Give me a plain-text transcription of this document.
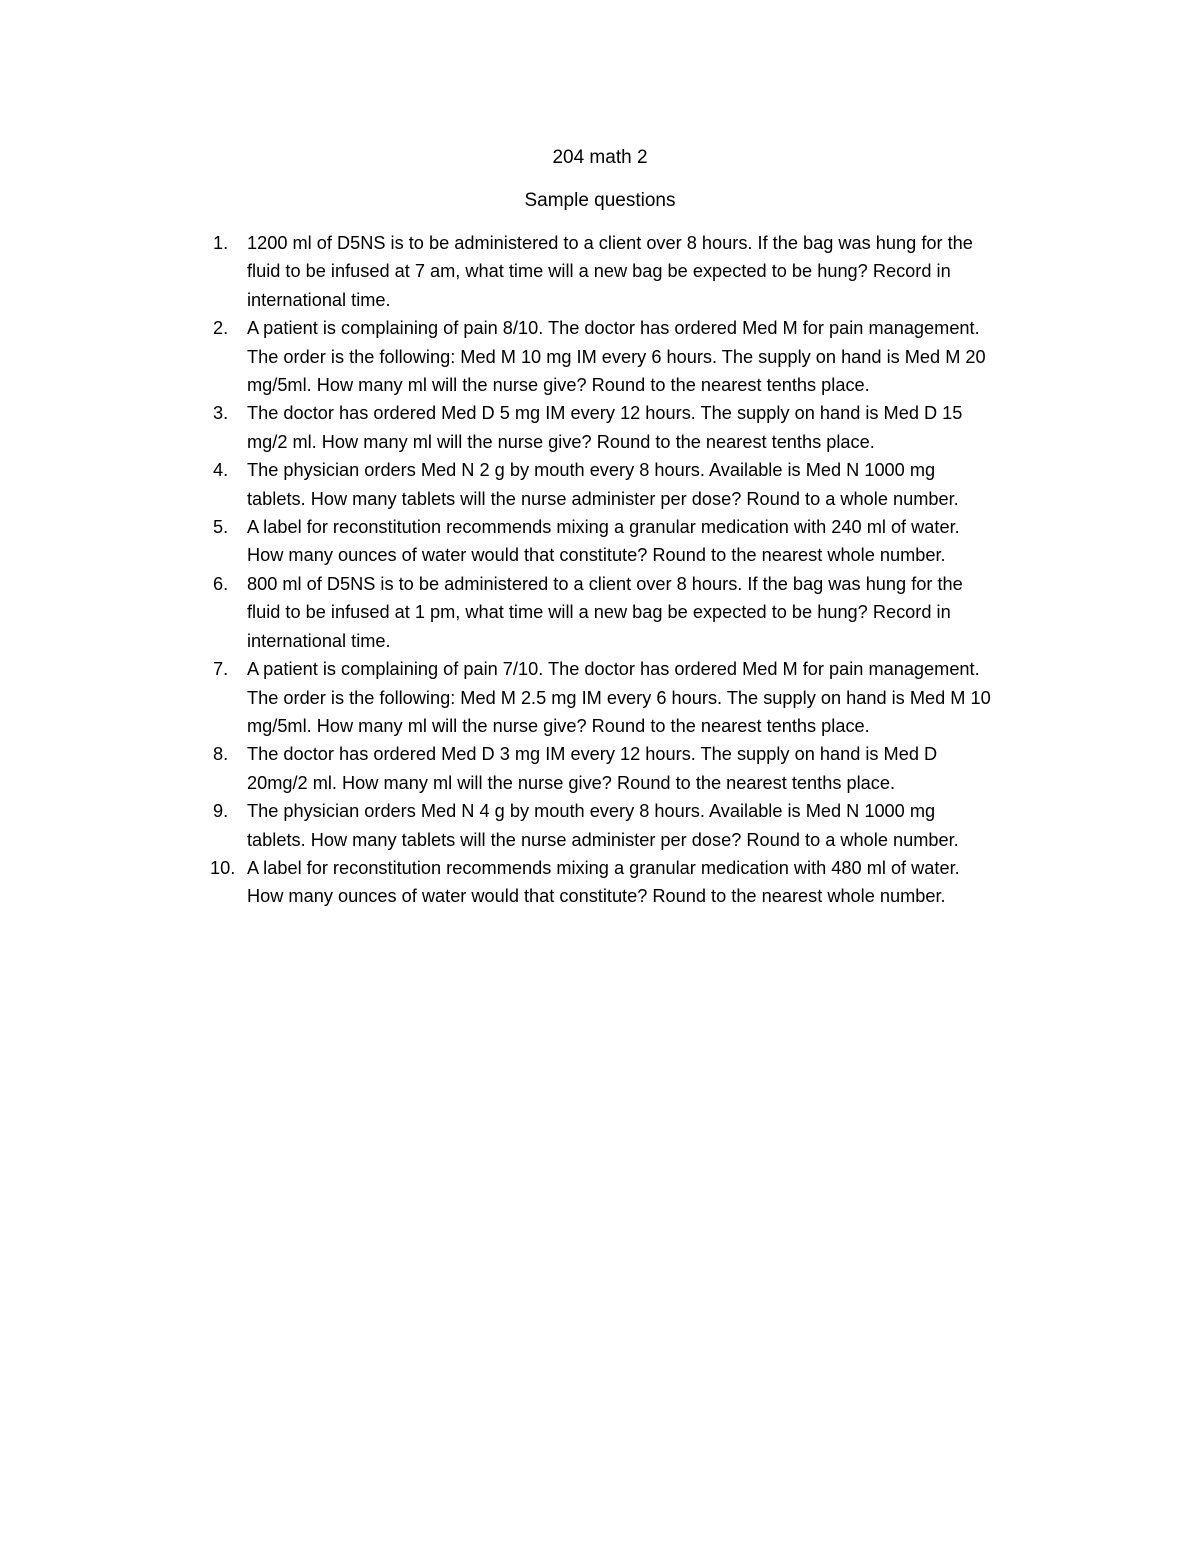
204 math 2
Sample questions
1. 1200 ml of D5NS is to be administered to a client over 8 hours. If the bag was hung for the
fluid to be infused at 7 am, what time will a new bag be expected to be hung? Record in
international time.
2. A patient is complaining of pain 8/10. The doctor has ordered Med M for pain management.
The order is the following: Med M 10 mg IM every 6 hours. The supply on hand is Med M 20
mg/5ml. How many ml will the nurse give? Round to the nearest tenths place.
3. The doctor has ordered Med D 5 mg IM every 12 hours. The supply on hand is Med D 15
mg/2 ml. How many ml will the nurse give? Round to the nearest tenths place.
4. The physician orders Med N 2 g by mouth every 8 hours. Available is Med N 1000 mg
tablets. How many tablets will the nurse administer per dose? Round to a whole number.
5. A label for reconstitution recommends mixing a granular medication with 240 ml of water.
How many ounces of water would that constitute? Round to the nearest whole number.
6. 800 ml of D5NS is to be administered to a client over 8 hours. If the bag was hung for the
fluid to be infused at 1 pm, what time will a new bag be expected to be hung? Record in
international time.
7. A patient is complaining of pain 7/10. The doctor has ordered Med M for pain management.
The order is the following: Med M 2.5 mg IM every 6 hours. The supply on hand is Med M 10
mg/5ml. How many ml will the nurse give? Round to the nearest tenths place.
8. The doctor has ordered Med D 3 mg IM every 12 hours. The supply on hand is Med D
20mg/2 ml. How many ml will the nurse give? Round to the nearest tenths place.
9. The physician orders Med N 4 g by mouth every 8 hours. Available is Med N 1000 mg
tablets. How many tablets will the nurse administer per dose? Round to a whole number.
10. A label for reconstitution recommends mixing a granular medication with 480 ml of water.
How many ounces of water would that constitute? Round to the nearest whole number.
